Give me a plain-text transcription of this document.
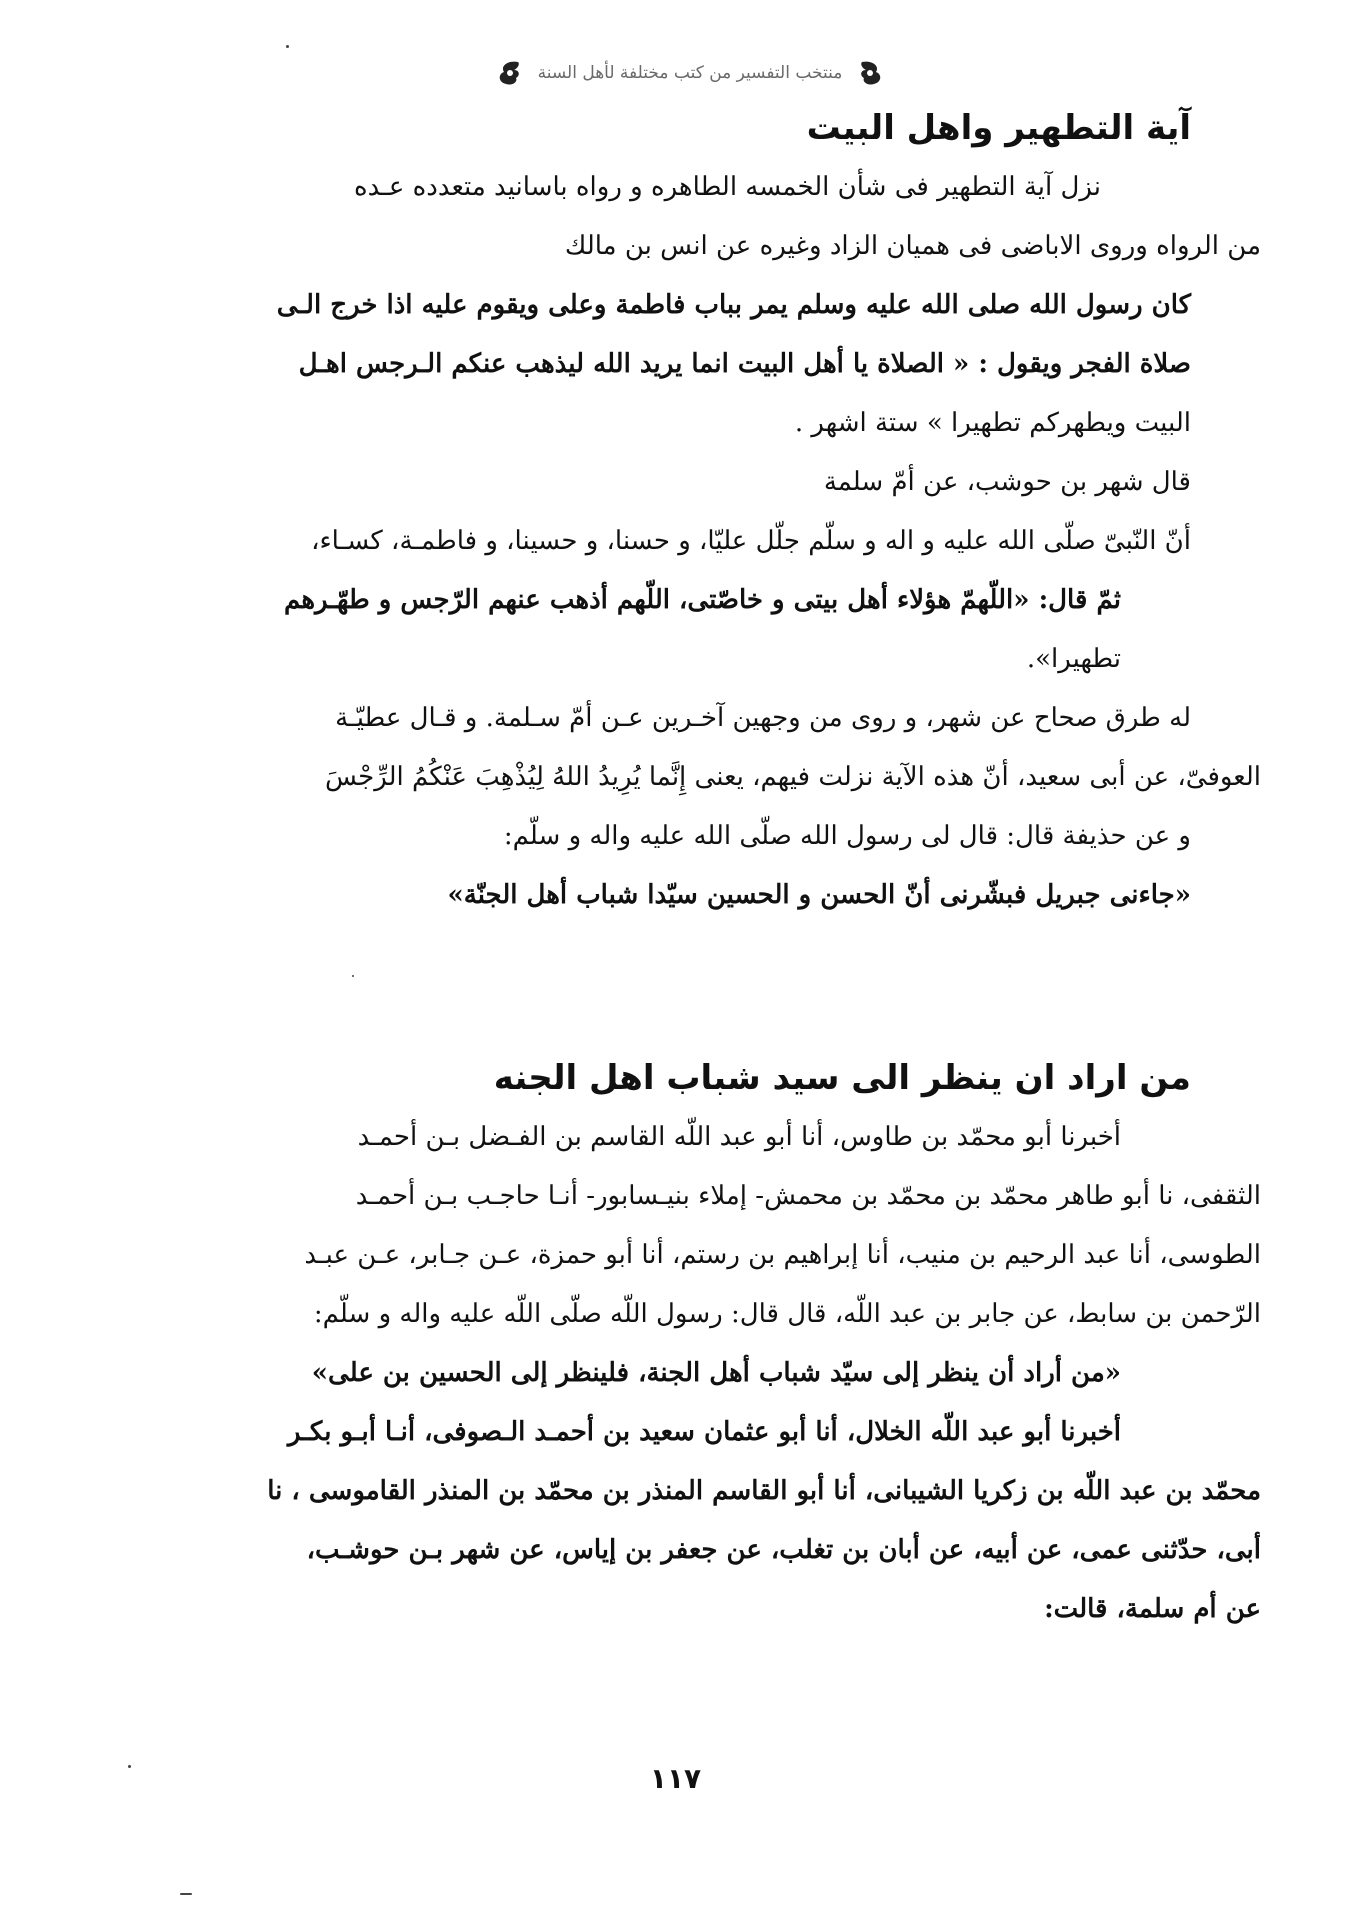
منتخب التفسير من كتب مختلفة لأهل السنة
آية التطهير واهل البيت
نزل آية التطهير فى شأن الخمسه الطاهره و رواه باسانيد متعدده عـده
من الرواه وروى الاباضى فى هميان الزاد وغيره عن انس بن مالك
كان رسول الله صلى الله عليه وسلم يمر بباب فاطمة وعلى ويقوم عليه اذا خرج الـى
صلاة الفجر ويقول : « الصلاة يا أهل البيت انما يريد الله ليذهب عنكم الـرجس اهـل
البيت ويطهركم تطهيرا » ستة اشهر .
قال شهر بن حوشب، عن أمّ سلمة
أنّ النّبىّ صلّى الله عليه و اله و سلّم جلّل عليّا، و حسنا، و حسينا، و فاطمـة، كسـاء،
ثمّ قال: «اللّهمّ هؤلاء أهل بيتى و خاصّتى، اللّهم أذهب عنهم الرّجس و طهّـرهم
تطهيرا».
له طرق صحاح عن شهر، و روى من وجهين آخـرين عـن أمّ سـلمة. و قـال عطيّـة
العوفىّ، عن أبى سعيد، أنّ هذه الآية نزلت فيهم، يعنى إِنَّما يُرِيدُ اللهُ لِيُذْهِبَ عَنْكُمُ الرِّجْسَ
و عن حذيفة قال: قال لى رسول الله صلّى الله عليه واله و سلّم:
«جاءنى جبريل فبشّرنى أنّ الحسن و الحسين سيّدا شباب أهل الجنّة»
من اراد ان ينظر الى سيد شباب اهل الجنه
أخبرنا أبو محمّد بن طاوس، أنا أبو عبد اللّه القاسم بن الفـضل بـن أحمـد
الثقفى، نا أبو طاهر محمّد بن محمّد بن محمش- إملاء بنيـسابور- أنـا حاجـب بـن أحمـد
الطوسى، أنا عبد الرحيم بن منيب، أنا إبراهيم بن رستم، أنا أبو حمزة، عـن جـابر، عـن عبـد
الرّحمن بن سابط، عن جابر بن عبد اللّه، قال قال: رسول اللّه صلّى اللّه عليه واله و سلّم:
«من أراد أن ينظر إلى سيّد شباب أهل الجنة، فلينظر إلى الحسين بن على»
أخبرنا أبو عبد اللّه الخلال، أنا أبو عثمان سعيد بن أحمـد الـصوفى، أنـا أبـو بكـر
محمّد بن عبد اللّه بن زكريا الشيبانى، أنا أبو القاسم المنذر بن محمّد بن المنذر القاموسى ، نا
أبى، حدّثنى عمى، عن أبيه، عن أبان بن تغلب، عن جعفر بن إياس، عن شهر بـن حوشـب،
عن أم سلمة، قالت:
١١٧
